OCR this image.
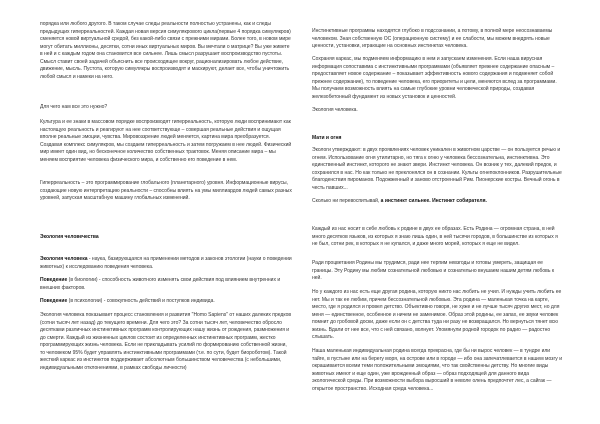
порядка или любого другого. В таком случае следы реальности полностью устранены, как и следы предыдущих гиперреальностей. Каждая новая версия симулякрового цикла(первые 4 порядка симулякров) сменяется новой виртуальной средой, без какой-либо связи с прежними мирами. Более того, в новом мире могут обитать миллионы, десятки, сотни иных виртуальных миров. Вы мечтали о матрице? Вы уже живете в ней и с каждым годом она становится все сильнее. Лишь смысл разрушает воспроизводство пустоты. Смысл ставит своей задачей объяснить все происходящее вокруг, рационализировать любое действие, движение, мысль. Пустота, которую симулякры воспроизводят и маскируют, делает все, чтобы уничтожить любой смысл и намеки на него.

Для чего нам все это нужно?

Культура и ее знаки в массовом порядке воспроизводят гиперреальность, которую люди воспринимают как настоящую реальность и реагируют на нее соответствующе – совершая реальные действия и ощущая вполне реальные эмоции, чувства. Мировоззрение людей меняется, картина мира преобразуется. Создавая комплекс симулякров, мы создаем гиперреальность и затем погружаем в нее людей. Физический мир имеет один вид, но бесконечное количество собственных трактовок. Меняя описание мира – мы меняем восприятие человека физического мира, и собственно его поведение в нем.

Гиперреальность – это программирование глобального (планетарного) уровня. Информационные вирусы, создающие новую интерпретацию реальности – способны влиять на умы миллиардов людей самых разных уровней, запуская масштабную машину глобальных изменений.

Экология человечества

Экология человека - наука, базирующаяся на применении методов и законов этологии (науки о поведении животных) к исследованию поведения человека.

Поведение (в биологии) - способность животного изменять свои действия под влиянием внутренних и внешних факторов.

Поведение (в психологии) - совокупность действий и поступков индивида.

Экология человека показывает процесс становления и развития "Homo Sapiens" от наших далеких предков (сотни тысяч лет назад) до текущего времени. Для чего это? За сотни тысяч лет, человечество обросло десятками различных инстинктивных программ контролирующих нашу жизнь от рождения, размножения и до смерти. Каждый из жизненных циклов состоит из определенных инстинктивных программ, жестко программирующих жизнь человека. Если не прикладывать усилий по формированию собственной жизни, то человеком 95% будет управлять инстинктивными программами (т.е. по сути, будет биороботом). Такой жесткий каркас из инстинктов поддерживает абсолютным большинством человечества (с небольшими, индивидуальными отклонениями, в рамках свободы личности)

Инстинктивные программы находятся глубоко в подсознании, а потому, в полной мере неосознаваемы человеком. Зная собственную ОС (операционную систему) и ее слабости, мы можем внедрять новые ценности, установки, играющие на основных инстинктах человека.

Сохраняя каркас, мы подменяем информацию в нем и запускаем изменения. Если наша вирусная информация сопоставима с инстинктивными программами (объявляет прежнее содержание опасным – предоставляет новое содержание – показывает эффективность нового содержания и подменяет собой прежнее содержание), то поведение человека, его приоритеты и цели, меняются вслед за программами. Мы получаем возможность влиять на самые глубокие уровни человеческой природы, создавая железобетонный фундамент из новых установок и ценностей.

Экология человека.

Мати и огня

Экологи утверждают: в двух проявлениях человек уникален в животном царстве — он пользуется речью и огнем. Использование огня утилитарно, но тяга к огню у человека бессознательна, инстинктивна. Это единственный инстинкт, которого не знают звери. Инстинкт человека. Он возник у тех, далекий предок, и сохранился в нас. Но как только не преклонялся он в сознании. Культы огнепоклонников. Разрушительные благоденствия пироманов. Подожженный и заново отстроенный Рим. Пионерские костры. Вечный огонь в честь павших...

Сколько ни перевоспитывай, а инстинкт сильнее. Инстинкт собирателя.

Каждый из нас носит в себе любовь к родине в двух ее образах. Есть Родина — огромная страна, в ней много десятков языков, из которых я знаю лишь один, в ней тысячи городов, в большинстве из которых я не был, сотни рек, в которых я не купался, и даже много морей, которых я еще не видел.

Ради процветания Родины мы трудимся, ради нее терпим невзгоды и готовы умереть, защищая ее границы. Эту Родину мы любим сознательной любовью и сознательно внушаем нашим детям любовь к ней.

Но у каждого из нас есть еще другая родина, которую никто нас любить не учил. И нужды учить любить ее нет. Мы и так ее любим, причем бессознательной любовью. Эта родина — маленькая точка на карте, место, где я родился и провел детство. Объективно говоря, не хуже и не лучше тысяч других мест, но для меня — единственное, особенное и ничем не заменимое. Образ этой родины, ее запах, ее звуки человек помнит до гробовой доски, даже если он с детства туда ни разу не возвращался. Но вернуться тянет всю жизнь. Вдали от нее все, что с ней связано, волнует. Упомянули родной городок по радио — радостно слышать.

Наша маленькая индивидуальная родина всегда прекрасна, где бы ни вырос человек — в тундре или тайге, в пустыне или на берегу моря, на острове или в городе — ибо она запечатлевается в нашем мозгу и окрашивается всеми теми положительными эмоциями, что так свойственны детству. Но многие виды животных имеют и еще один, уже врожденный образ — образ подходящей для данного вида экологической среды. При возможности выбора выросший в неволе олень предпочтет лес, а сайгак — открытое пространство. Исходная среда человека...
